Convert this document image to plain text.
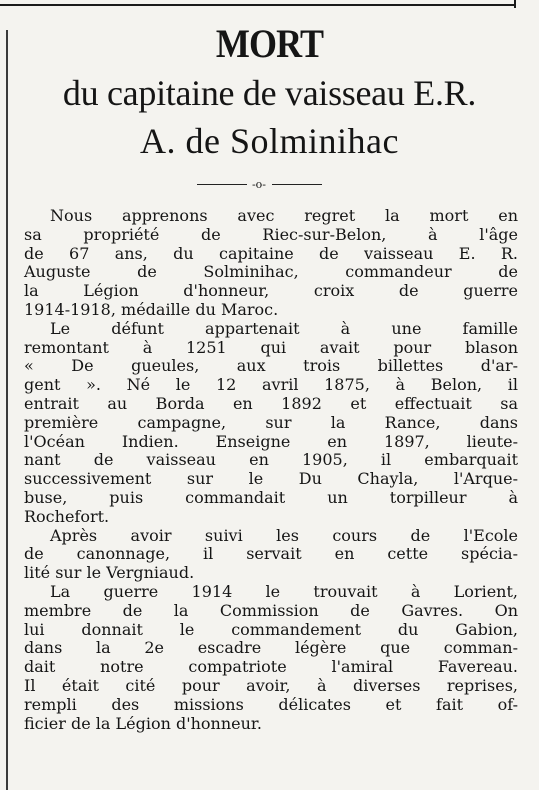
MORT
du capitaine de vaisseau E.R.
A. de Solminihac
-o-
Nous apprenons avec regret la mort en
sa propriété de Riec-sur-Belon, à l'âge
de 67 ans, du capitaine de vaisseau E. R.
Auguste de Solminihac, commandeur de
la Légion d'honneur, croix de guerre
1914-1918, médaille du Maroc.
Le défunt appartenait à une famille
remontant à 1251 qui avait pour blason
« De gueules, aux trois billettes d'ar-
gent ». Né le 12 avril 1875, à Belon, il
entrait au Borda en 1892 et effectuait sa
première campagne, sur la Rance, dans
l'Océan Indien. Enseigne en 1897, lieute-
nant de vaisseau en 1905, il embarquait
successivement sur le Du Chayla, l'Arque-
buse, puis commandait un torpilleur à
Rochefort.
Après avoir suivi les cours de l'Ecole
de canonnage, il servait en cette spécia-
lité sur le Vergniaud.
La guerre 1914 le trouvait à Lorient,
membre de la Commission de Gavres. On
lui donnait le commandement du Gabion,
dans la 2e escadre légère que comman-
dait notre compatriote l'amiral Favereau.
Il était cité pour avoir, à diverses reprises,
rempli des missions délicates et fait of-
ficier de la Légion d'honneur.
